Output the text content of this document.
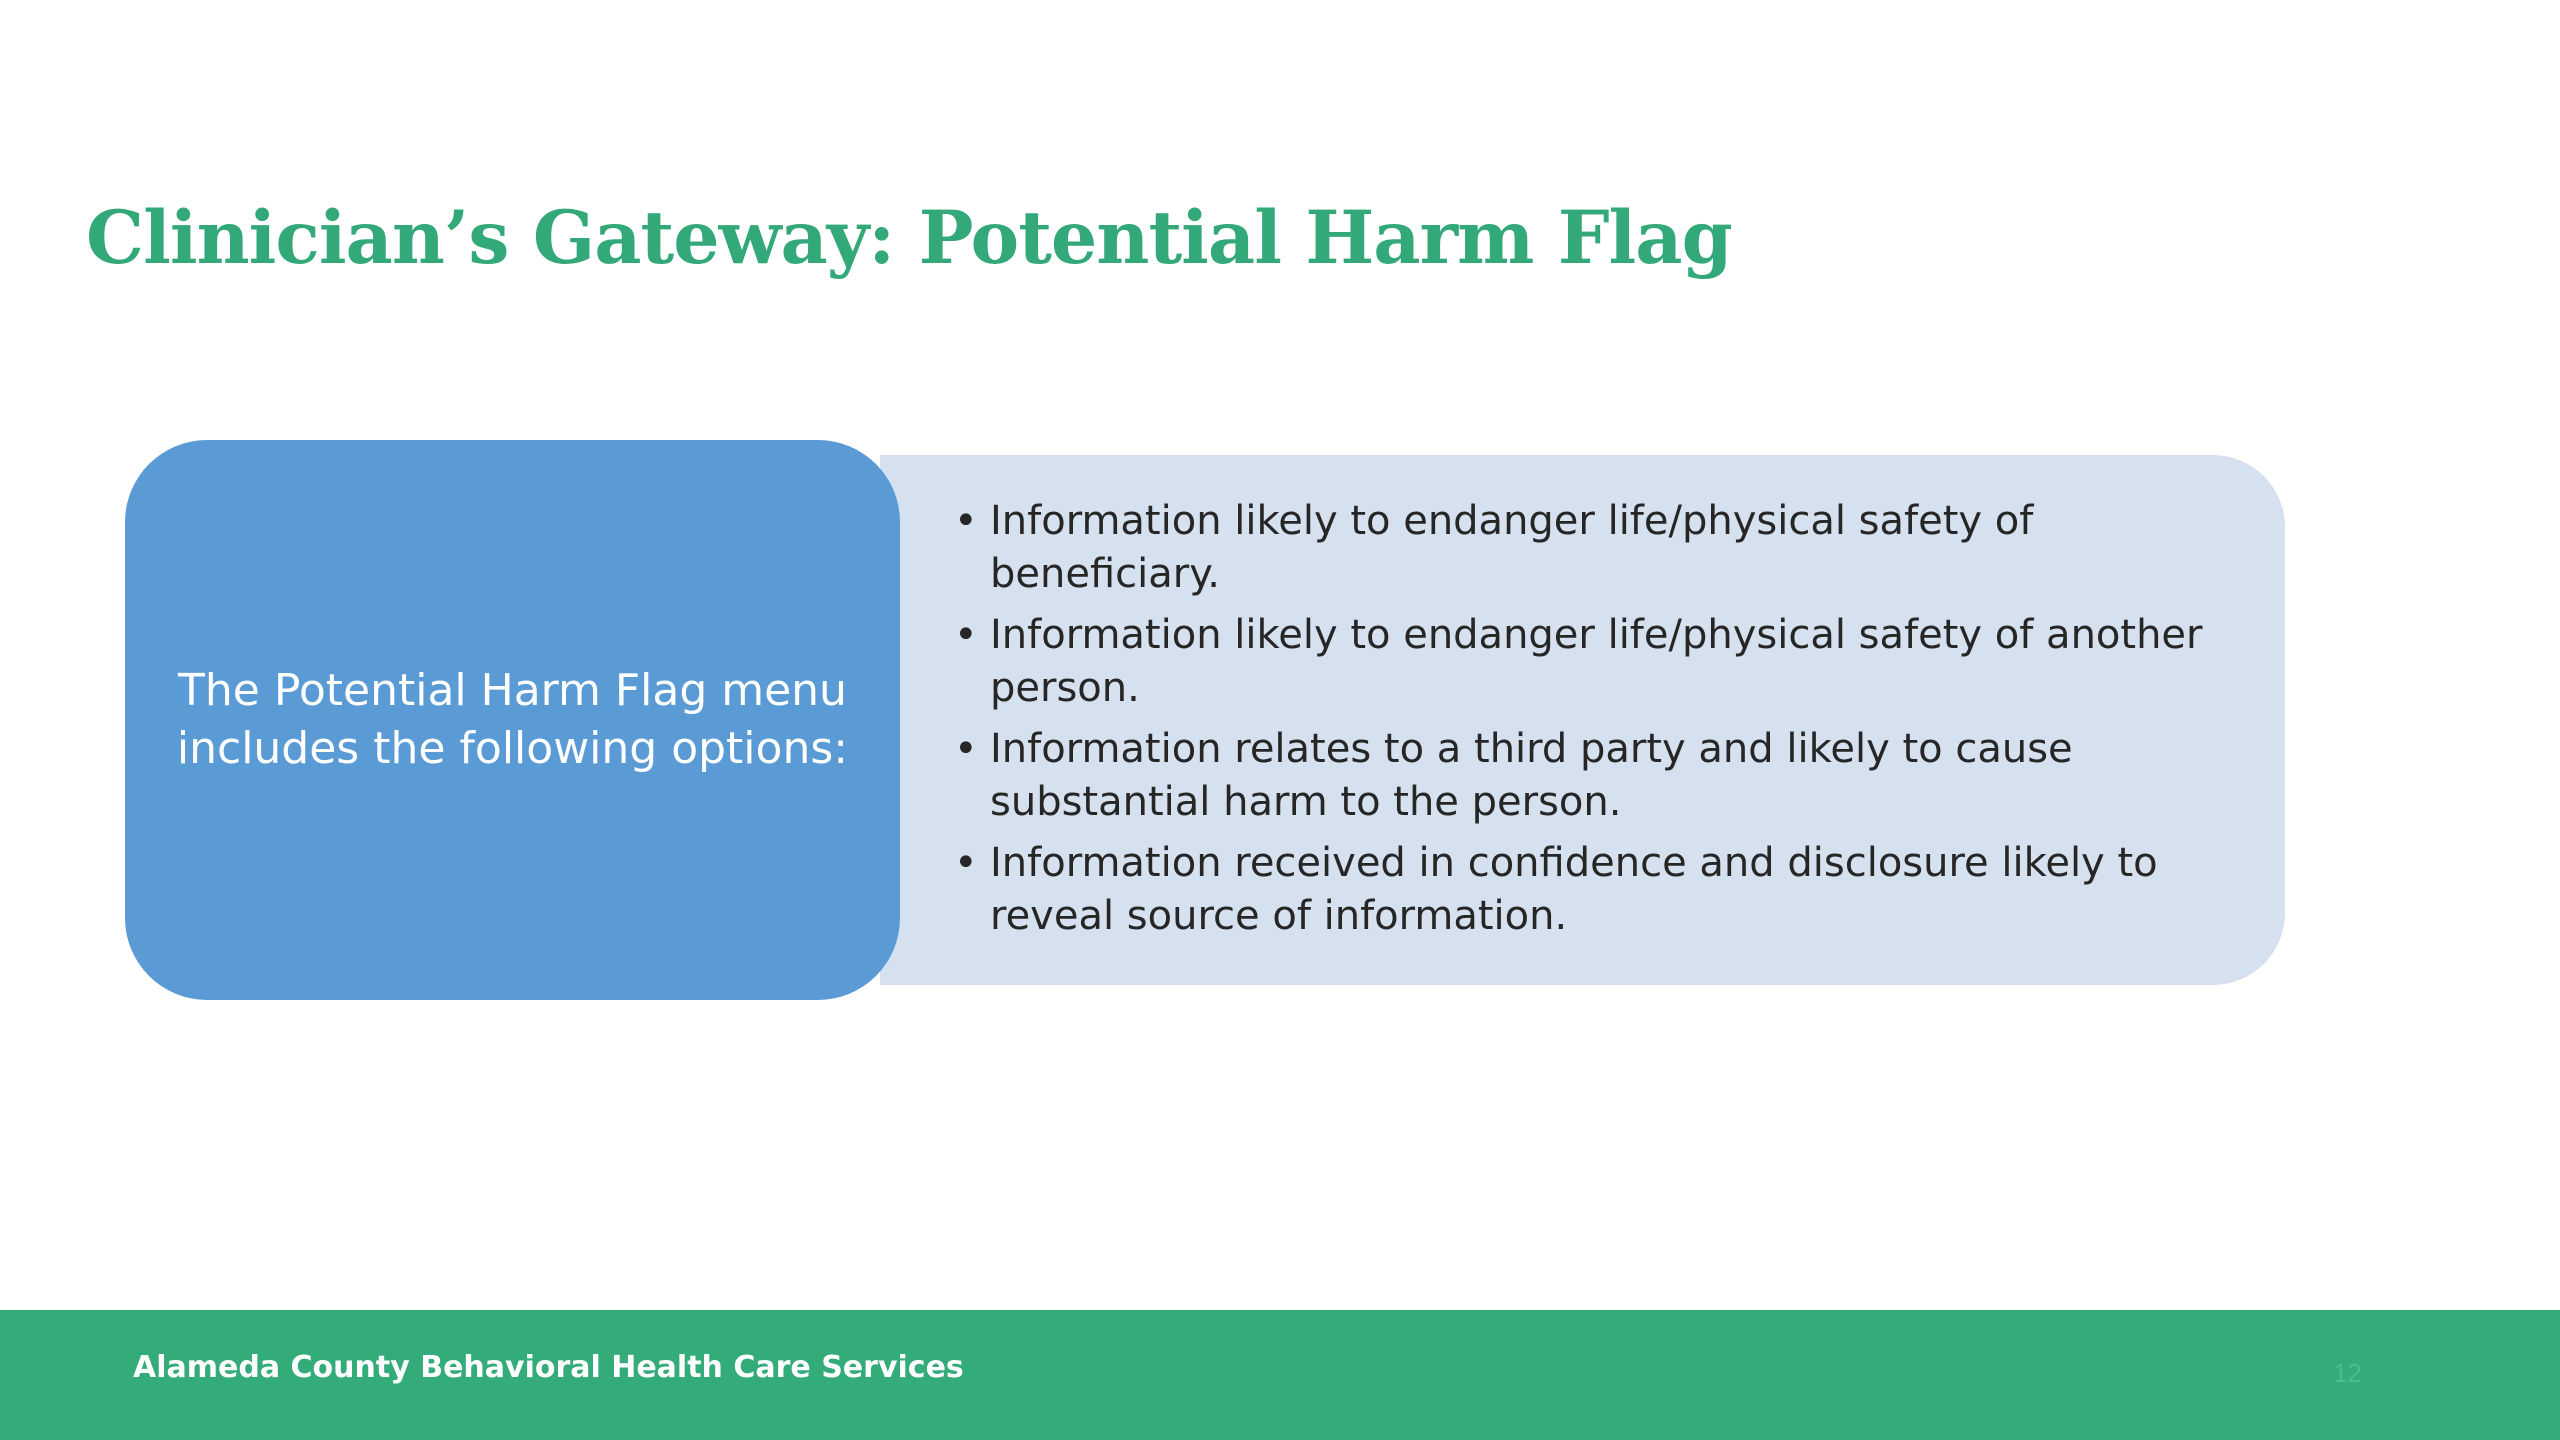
Clinician’s Gateway: Potential Harm Flag
• Information likely to endanger life/physical safety of beneficiary.
• Information likely to endanger life/physical safety of another person.
• Information relates to a third party and likely to cause substantial harm to the person.
• Information received in confidence and disclosure likely to reveal source of information.
The Potential Harm Flag menu includes the following options:
Alameda County Behavioral Health Care Services	12
